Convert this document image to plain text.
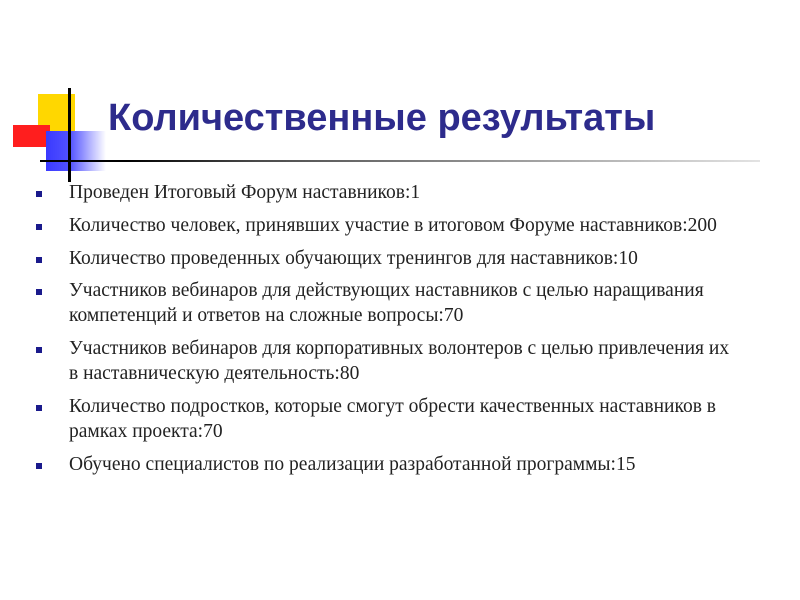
Количественные результаты
Проведен Итоговый Форум наставников:1
Количество человек, принявших участие в итоговом Форуме наставников:200
Количество проведенных обучающих тренингов для наставников:10
Участников вебинаров для действующих наставников с целью наращивания компетенций и ответов на сложные вопросы:70
Участников вебинаров для корпоративных волонтеров с целью привлечения их в наставническую деятельность:80
Количество подростков, которые смогут обрести качественных наставников в рамках проекта:70
Обучено специалистов по реализации разработанной программы:15
